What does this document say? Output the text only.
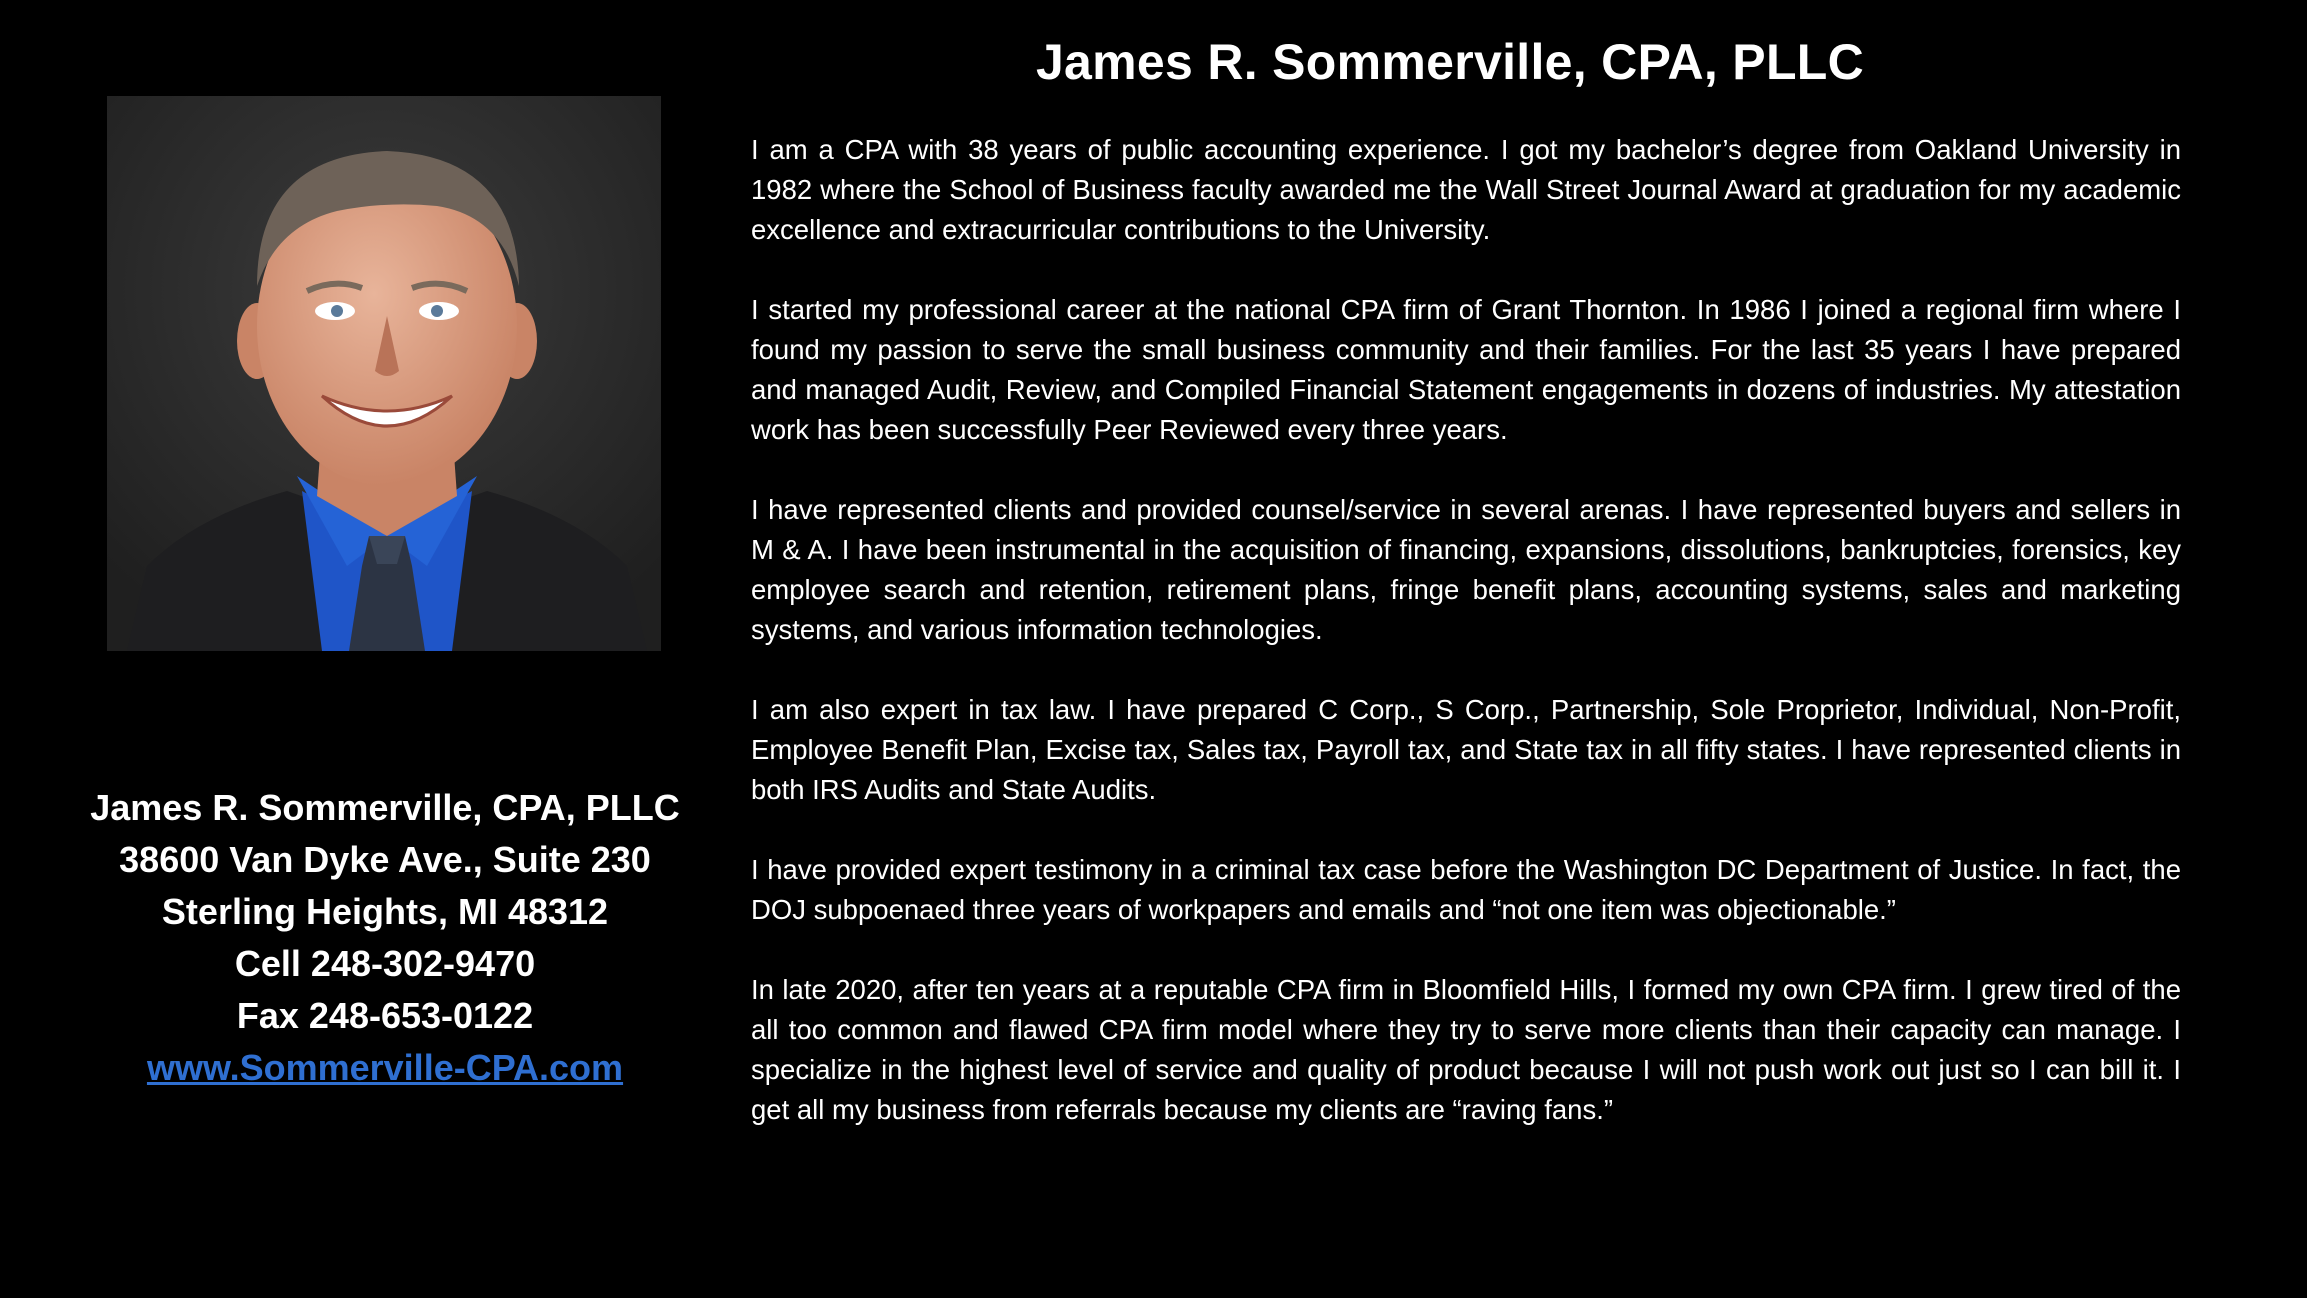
James R. Sommerville, CPA, PLLC
James R. Sommerville, CPA, PLLC
38600 Van Dyke Ave., Suite 230
Sterling Heights, MI 48312
Cell 248-302-9470
Fax 248-653-0122
www.Sommerville-CPA.com

I am a CPA with 38 years of public accounting experience. I got my bachelor’s degree from Oakland University in 1982 where the School of Business faculty awarded me the Wall Street Journal Award at graduation for my academic excellence and extracurricular contributions to the University.

I started my professional career at the national CPA firm of Grant Thornton. In 1986 I joined a regional firm where I found my passion to serve the small business community and their families. For the last 35 years I have prepared and managed Audit, Review, and Compiled Financial Statement engagements in dozens of industries. My attestation work has been successfully Peer Reviewed every three years.

I have represented clients and provided counsel/service in several arenas. I have represented buyers and sellers in M & A. I have been instrumental in the acquisition of financing, expansions, dissolutions, bankruptcies, forensics, key employee search and retention, retirement plans, fringe benefit plans, accounting systems, sales and marketing systems, and various information technologies.

I am also expert in tax law. I have prepared C Corp., S Corp., Partnership, Sole Proprietor, Individual, Non-Profit, Employee Benefit Plan, Excise tax, Sales tax, Payroll tax, and State tax in all fifty states. I have represented clients in both IRS Audits and State Audits.

I have provided expert testimony in a criminal tax case before the Washington DC Department of Justice. In fact, the DOJ subpoenaed three years of workpapers and emails and “not one item was objectionable.”

In late 2020, after ten years at a reputable CPA firm in Bloomfield Hills, I formed my own CPA firm. I grew tired of the all too common and flawed CPA firm model where they try to serve more clients than their capacity can manage. I specialize in the highest level of service and quality of product because I will not push work out just so I can bill it. I get all my business from referrals because my clients are “raving fans.”
